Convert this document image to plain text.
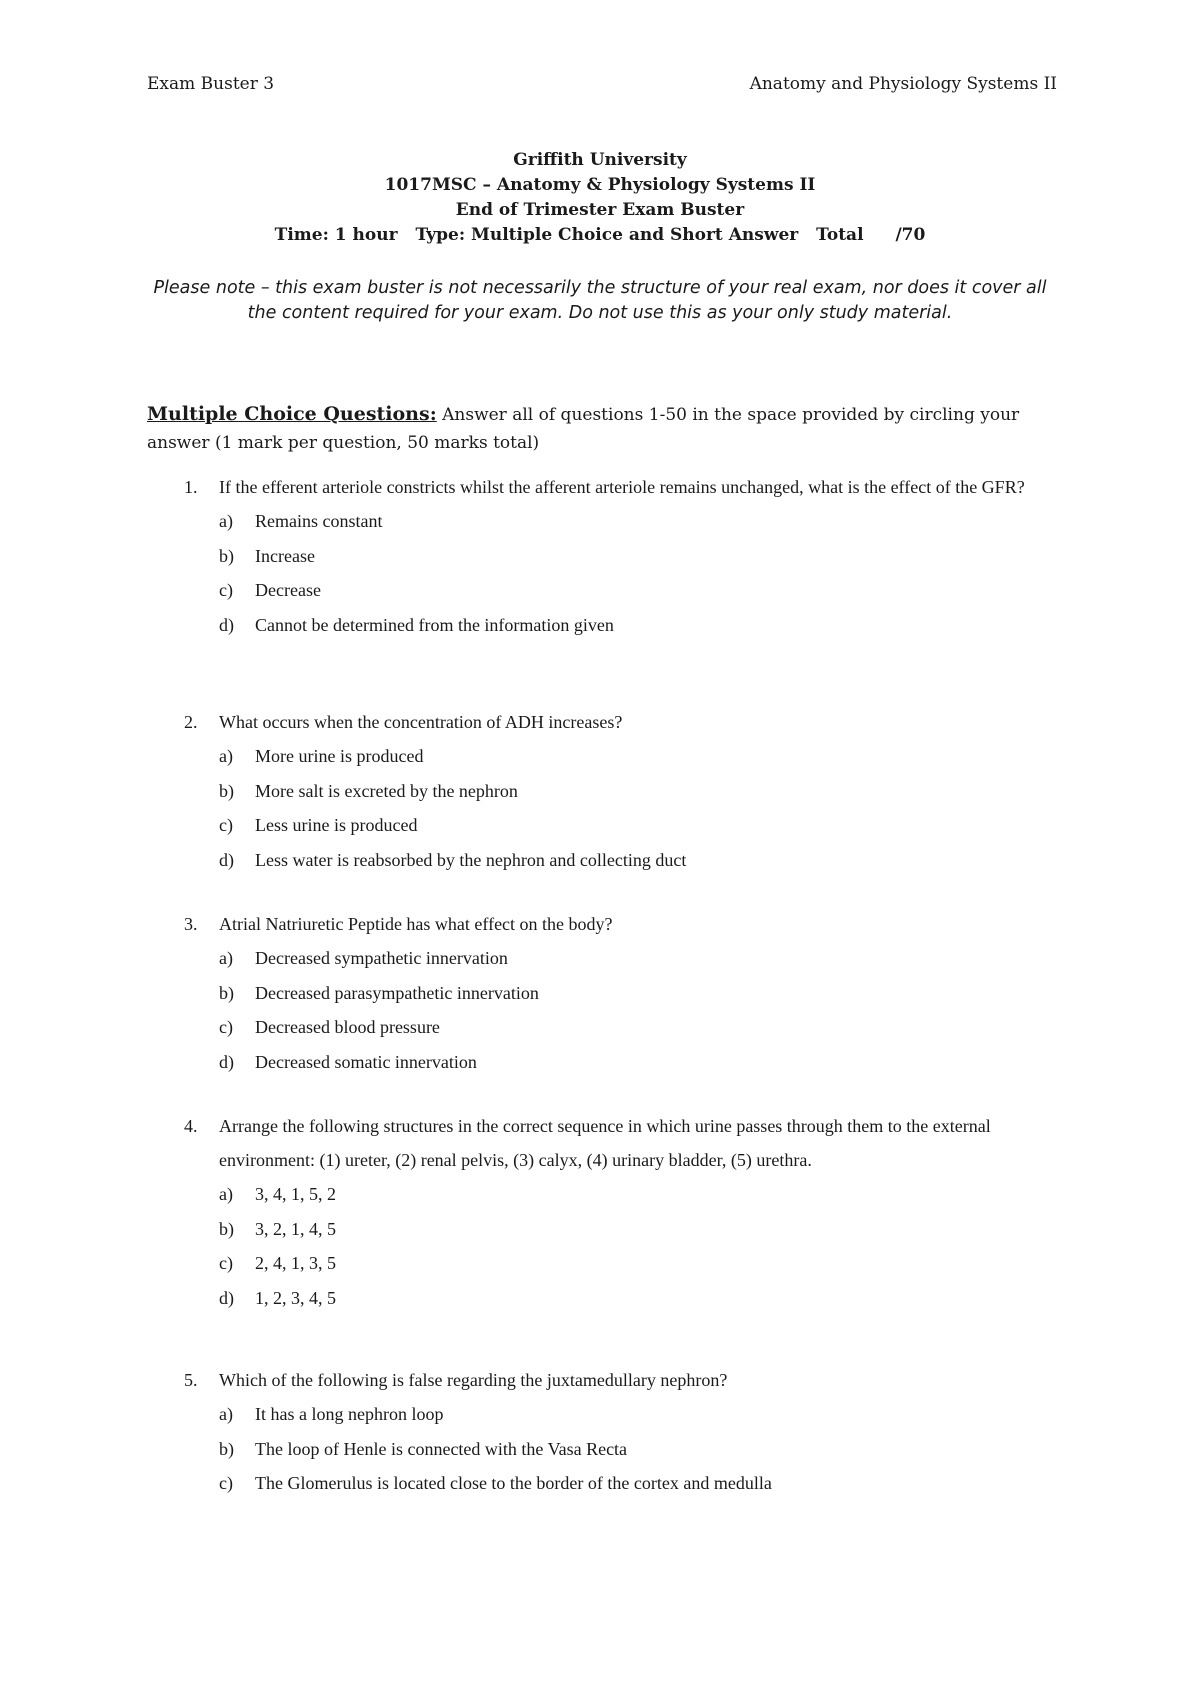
Exam Buster 3	Anatomy and Physiology Systems II
Griffith University
1017MSC – Anatomy & Physiology Systems II
End of Trimester Exam Buster
Time: 1 hour Type: Multiple Choice and Short Answer Total /70
Please note – this exam buster is not necessarily the structure of your real exam, nor does it cover all the content required for your exam. Do not use this as your only study material.
Multiple Choice Questions: Answer all of questions 1-50 in the space provided by circling your answer (1 mark per question, 50 marks total)
1.	If the efferent arteriole constricts whilst the afferent arteriole remains unchanged, what is the effect of the GFR?
a)	Remains constant
b)	Increase
c)	Decrease
d)	Cannot be determined from the information given
2.	What occurs when the concentration of ADH increases?
a)	More urine is produced
b)	More salt is excreted by the nephron
c)	Less urine is produced
d)	Less water is reabsorbed by the nephron and collecting duct
3.	Atrial Natriuretic Peptide has what effect on the body?
a)	Decreased sympathetic innervation
b)	Decreased parasympathetic innervation
c)	Decreased blood pressure
d)	Decreased somatic innervation
4.	Arrange the following structures in the correct sequence in which urine passes through them to the external environment: (1) ureter, (2) renal pelvis, (3) calyx, (4) urinary bladder, (5) urethra.
a)	3, 4, 1, 5, 2
b)	3, 2, 1, 4, 5
c)	2, 4, 1, 3, 5
d)	1, 2, 3, 4, 5
5.	Which of the following is false regarding the juxtamedullary nephron?
a)	It has a long nephron loop
b)	The loop of Henle is connected with the Vasa Recta
c)	The Glomerulus is located close to the border of the cortex and medulla
